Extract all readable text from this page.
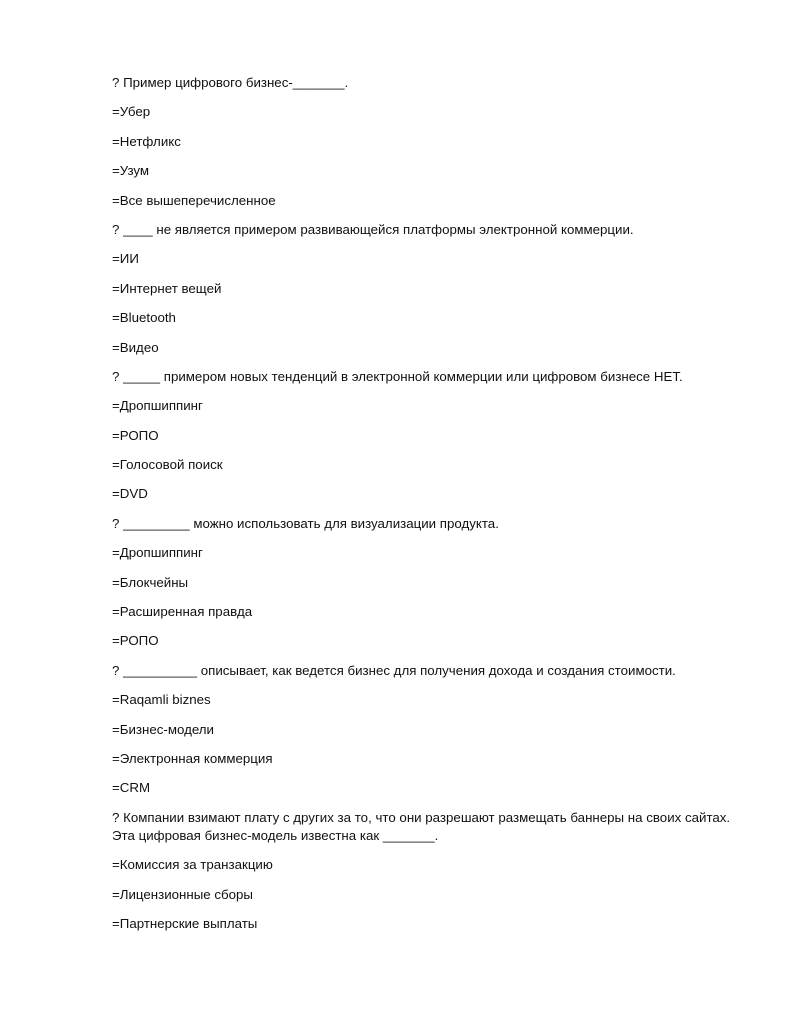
? Пример цифрового бизнес-_______.

=Убер

=Нетфликс

=Узум

=Все вышеперечисленное

? ____ не является примером развивающейся платформы электронной коммерции.

=ИИ

=Интернет вещей

=Bluetooth

=Видео

? _____ примером новых тенденций в электронной коммерции или цифровом бизнесе НЕТ.

=Дропшиппинг

=РОПО

=Голосовой поиск

=DVD

? _________ можно использовать для визуализации продукта.

=Дропшиппинг

=Блокчейны

=Расширенная правда

=РОПО

? __________ описывает, как ведется бизнес для получения дохода и создания стоимости.

=Raqamli biznes

=Бизнес-модели

=Электронная коммерция

=CRM

? Компании взимают плату с других за то, что они разрешают размещать баннеры на своих сайтах. Эта цифровая бизнес-модель известна как _______.

=Комиссия за транзакцию

=Лицензионные сборы

=Партнерские выплаты
